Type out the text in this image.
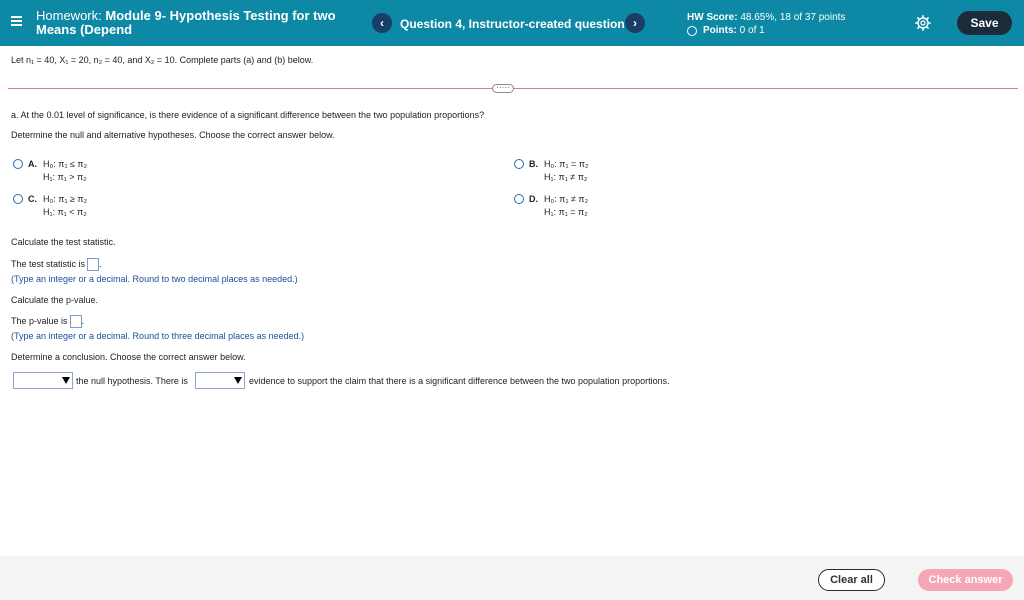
Homework: Module 9- Hypothesis Testing for two Means (Depend	‹	Question 4, Instructor-created question ›	HW Score: 48.65%, 18 of 37 points
Points:
0 of 1
Save
Let n₁ = 40, X₁ = 20, n₂ = 40, and X₂ = 10. Complete parts (a) and (b) below.
·····
a. At the 0.01 level of significance, is there evidence of a significant difference between the two population proportions?
Determine the null and alternative hypotheses. Choose the correct answer below.
A. H₀: π₁ ≤ π₂
H₁: π₁ > π₂
B. H₀: π₁ = π₂
H₁: π₁ ≠ π₂
C. H₀: π₁ ≥ π₂
H₁: π₁ < π₂
D. H₀: π₁ ≠ π₂
H₁: π₁ = π₂
Calculate the test statistic.
The test statistic is .
(Type an integer or a decimal. Round to two decimal places as needed.)
Calculate the p-value.
The p-value is .
(Type an integer or a decimal. Round to three decimal places as needed.)
Determine a conclusion. Choose the correct answer below.
the null hypothesis. There is	evidence to support the claim that there is a significant difference between the two population proportions.
Clear all	Check answer
